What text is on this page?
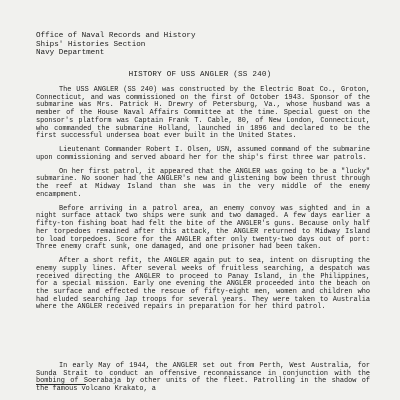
Office of Naval Records and History
Ships' Histories Section
Navy Department
HISTORY OF USS ANGLER (SS 240)

The USS ANGLER (SS 240) was constructed by the Electric Boat Co., Groton, Connecticut, and was commissioned on the first of October 1943. Sponsor of the submarine was Mrs. Patrick H. Drewry of Petersburg, Va., whose husband was a member of the House Naval Affairs Committee at the time. Special guest on the sponsor's platform was Captain Frank T. Cable, 80, of New London, Connecticut, who commanded the submarine Holland, launched in 1896 and declared to be the first successful undersea boat ever built in the United States.

Lieutenant Commander Robert I. Olsen, USN, assumed command of the submarine upon commissioning and served aboard her for the ship's first three war patrols.

On her first patrol, it appeared that the ANGLER was going to be a "lucky" submarine. No sooner had the ANGLER's new and glistening bow been thrust through the reef at Midway Island than she was in the very middle of the enemy encampment.

Before arriving in a patrol area, an enemy convoy was sighted and in a night surface attack two ships were sunk and two damaged. A few days earlier a fifty-ton fishing boat had felt the bite of the ANGLER's guns. Because only half her torpedoes remained after this attack, the ANGLER returned to Midway Island to load torpedoes. Score for the ANGLER after only twenty-two days out of port: Three enemy craft sunk, one damaged, and one prisoner had been taken.

After a short refit, the ANGLER again put to sea, intent on disrupting the enemy supply lines. After several weeks of fruitless searching, a despatch was received directing the ANGLER to proceed to Panay Island, in the Philippines, for a special mission. Early one evening the ANGLER proceeded into the beach on the surface and effected the rescue of fifty-eight men, women and children who had eluded searching Jap troops for several years. They were taken to Australia where the ANGLER received repairs in preparation for her third patrol.

In early May of 1944, the ANGLER set out from Perth, West Australia, for Sunda Strait to conduct an offensive reconnaissance in conjunction with the bombing of Soerabaja by other units of the fleet. Patrolling in the shadow of the famous volcano Krakato, a
